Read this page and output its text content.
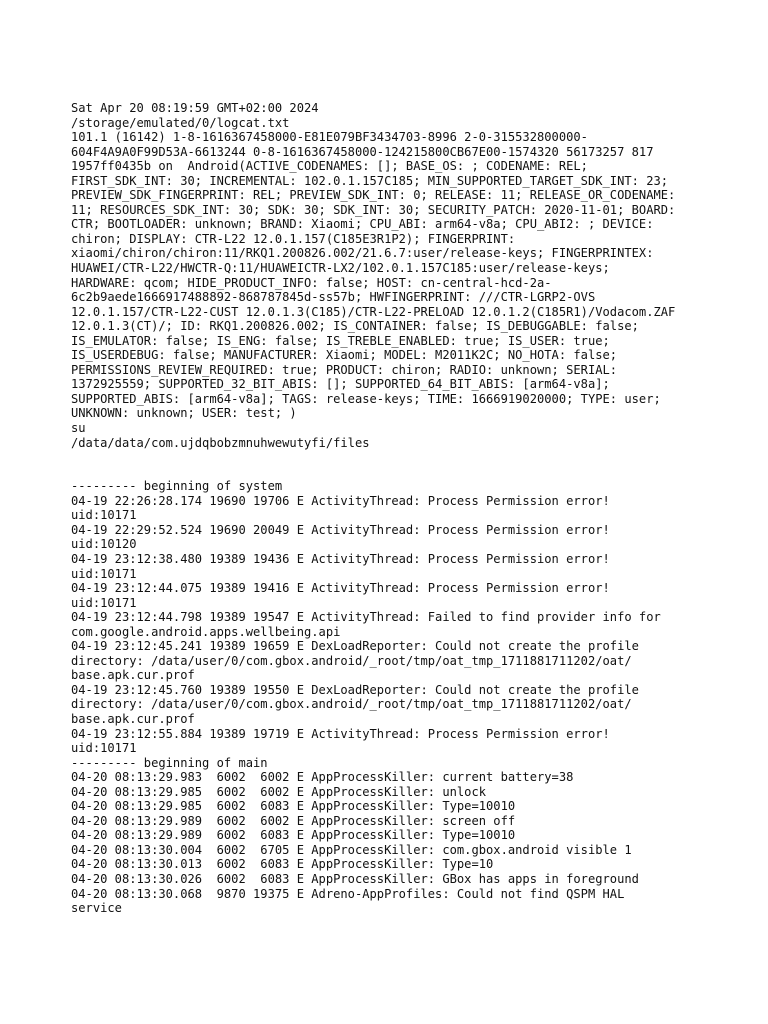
Sat Apr 20 08:19:59 GMT+02:00 2024
/storage/emulated/0/logcat.txt
101.1 (16142) 1-8-1616367458000-E81E079BF3434703-8996 2-0-315532800000-
604F4A9A0F99D53A-6613244 0-8-1616367458000-124215800CB67E00-1574320 56173257 817
1957ff0435b on  Android(ACTIVE_CODENAMES: []; BASE_OS: ; CODENAME: REL;
FIRST_SDK_INT: 30; INCREMENTAL: 102.0.1.157C185; MIN_SUPPORTED_TARGET_SDK_INT: 23;
PREVIEW_SDK_FINGERPRINT: REL; PREVIEW_SDK_INT: 0; RELEASE: 11; RELEASE_OR_CODENAME:
11; RESOURCES_SDK_INT: 30; SDK: 30; SDK_INT: 30; SECURITY_PATCH: 2020-11-01; BOARD:
CTR; BOOTLOADER: unknown; BRAND: Xiaomi; CPU_ABI: arm64-v8a; CPU_ABI2: ; DEVICE:
chiron; DISPLAY: CTR-L22 12.0.1.157(C185E3R1P2); FINGERPRINT:
xiaomi/chiron/chiron:11/RKQ1.200826.002/21.6.7:user/release-keys; FINGERPRINTEX:
HUAWEI/CTR-L22/HWCTR-Q:11/HUAWEICTR-LX2/102.0.1.157C185:user/release-keys;
HARDWARE: qcom; HIDE_PRODUCT_INFO: false; HOST: cn-central-hcd-2a-
6c2b9aede1666917488892-868787845d-ss57b; HWFINGERPRINT: ///CTR-LGRP2-OVS
12.0.1.157/CTR-L22-CUST 12.0.1.3(C185)/CTR-L22-PRELOAD 12.0.1.2(C185R1)/Vodacom.ZAF
12.0.1.3(CT)/; ID: RKQ1.200826.002; IS_CONTAINER: false; IS_DEBUGGABLE: false;
IS_EMULATOR: false; IS_ENG: false; IS_TREBLE_ENABLED: true; IS_USER: true;
IS_USERDEBUG: false; MANUFACTURER: Xiaomi; MODEL: M2011K2C; NO_HOTA: false;
PERMISSIONS_REVIEW_REQUIRED: true; PRODUCT: chiron; RADIO: unknown; SERIAL:
1372925559; SUPPORTED_32_BIT_ABIS: []; SUPPORTED_64_BIT_ABIS: [arm64-v8a];
SUPPORTED_ABIS: [arm64-v8a]; TAGS: release-keys; TIME: 1666919020000; TYPE: user;
UNKNOWN: unknown; USER: test; )
su
/data/data/com.ujdqbobzmnuhwewutyfi/files
--------- beginning of system
04-19 22:26:28.174 19690 19706 E ActivityThread: Process Permission error!
uid:10171
04-19 22:29:52.524 19690 20049 E ActivityThread: Process Permission error!
uid:10120
04-19 23:12:38.480 19389 19436 E ActivityThread: Process Permission error!
uid:10171
04-19 23:12:44.075 19389 19416 E ActivityThread: Process Permission error!
uid:10171
04-19 23:12:44.798 19389 19547 E ActivityThread: Failed to find provider info for
com.google.android.apps.wellbeing.api
04-19 23:12:45.241 19389 19659 E DexLoadReporter: Could not create the profile
directory: /data/user/0/com.gbox.android/_root/tmp/oat_tmp_1711881711202/oat/
base.apk.cur.prof
04-19 23:12:45.760 19389 19550 E DexLoadReporter: Could not create the profile
directory: /data/user/0/com.gbox.android/_root/tmp/oat_tmp_1711881711202/oat/
base.apk.cur.prof
04-19 23:12:55.884 19389 19719 E ActivityThread: Process Permission error!
uid:10171
--------- beginning of main
04-20 08:13:29.983  6002  6002 E AppProcessKiller: current battery=38
04-20 08:13:29.985  6002  6002 E AppProcessKiller: unlock
04-20 08:13:29.985  6002  6083 E AppProcessKiller: Type=10010
04-20 08:13:29.989  6002  6002 E AppProcessKiller: screen off
04-20 08:13:29.989  6002  6083 E AppProcessKiller: Type=10010
04-20 08:13:30.004  6002  6705 E AppProcessKiller: com.gbox.android visible 1
04-20 08:13:30.013  6002  6083 E AppProcessKiller: Type=10
04-20 08:13:30.026  6002  6083 E AppProcessKiller: GBox has apps in foreground
04-20 08:13:30.068  9870 19375 E Adreno-AppProfiles: Could not find QSPM HAL
service
